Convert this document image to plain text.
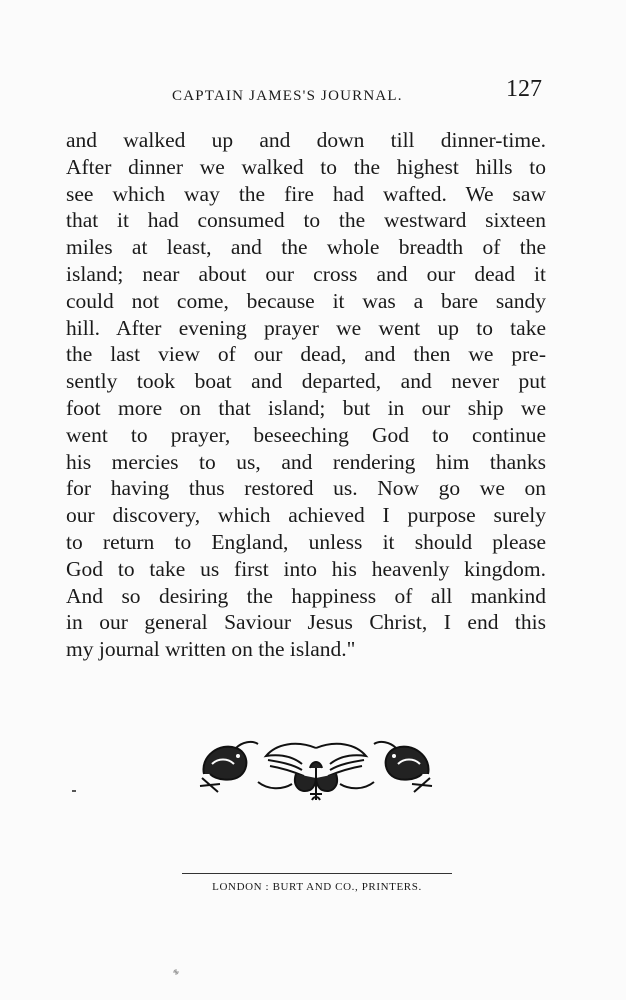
CAPTAIN JAMES'S JOURNAL.	127
and walked up and down till dinner-time.
After dinner we walked to the highest hills to
see which way the fire had wafted. We saw
that it had consumed to the westward sixteen
miles at least, and the whole breadth of the
island; near about our cross and our dead it
could not come, because it was a bare sandy
hill. After evening prayer we went up to take
the last view of our dead, and then we pre-
sently took boat and departed, and never put
foot more on that island; but in our ship we
went to prayer, beseeching God to continue
his mercies to us, and rendering him thanks
for having thus restored us. Now go we on
our discovery, which achieved I purpose surely
to return to England, unless it should please
God to take us first into his heavenly kingdom.
And so desiring the happiness of all mankind
in our general Saviour Jesus Christ, I end this
my journal written on the island."
LONDON : BURT AND CO., PRINTERS.
